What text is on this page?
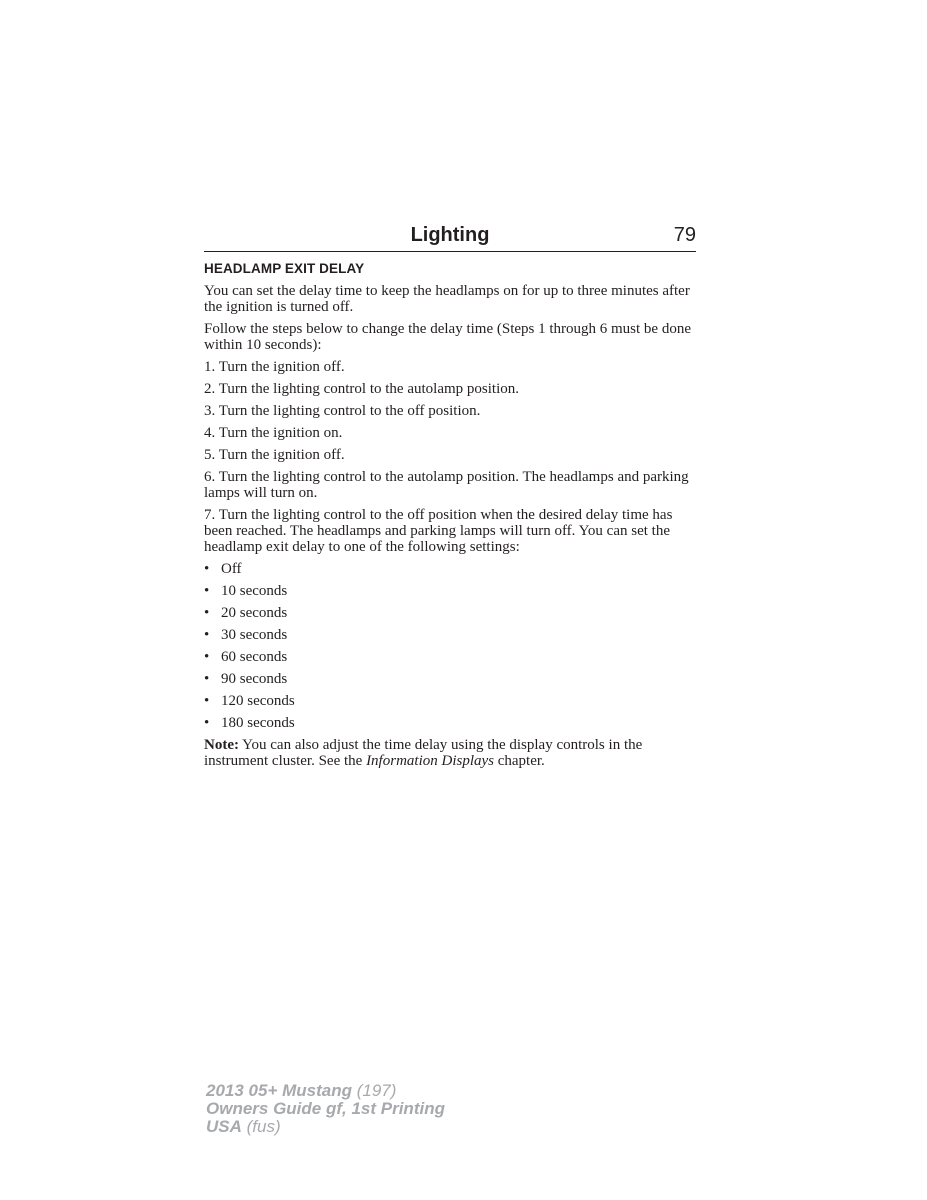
Lighting	79
HEADLAMP EXIT DELAY

You can set the delay time to keep the headlamps on for up to three minutes after the ignition is turned off.

Follow the steps below to change the delay time (Steps 1 through 6 must be done within 10 seconds):

1. Turn the ignition off.

2. Turn the lighting control to the autolamp position.

3. Turn the lighting control to the off position.

4. Turn the ignition on.

5. Turn the ignition off.

6. Turn the lighting control to the autolamp position. The headlamps and parking lamps will turn on.

7. Turn the lighting control to the off position when the desired delay time has been reached. The headlamps and parking lamps will turn off. You can set the headlamp exit delay to one of the following settings:

• Off
• 10 seconds
• 20 seconds
• 30 seconds
• 60 seconds
• 90 seconds
• 120 seconds
• 180 seconds

Note: You can also adjust the time delay using the display controls in the instrument cluster. See the Information Displays chapter.

2013 05+ Mustang (197)
Owners Guide gf, 1st Printing
USA (fus)
